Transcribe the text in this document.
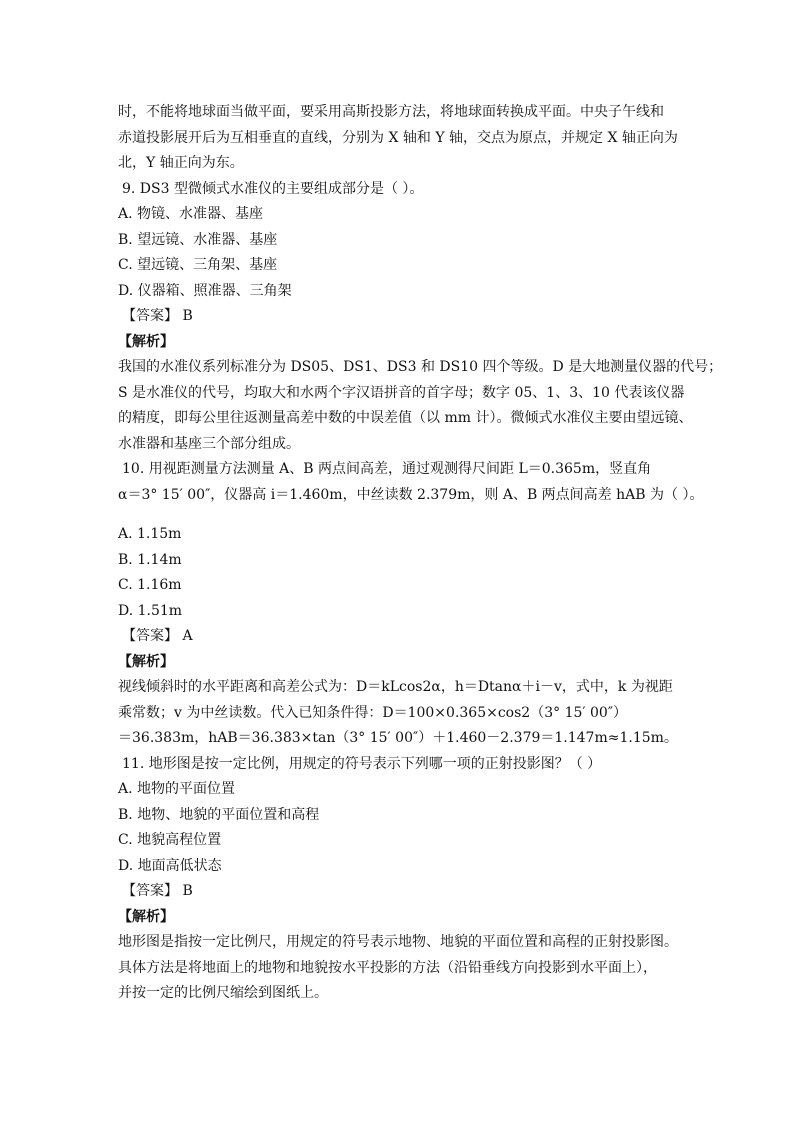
时，不能将地球面当做平面，要采用高斯投影方法，将地球面转换成平面。中央子午线和
赤道投影展开后为互相垂直的直线，分别为 X 轴和 Y 轴，交点为原点，并规定 X 轴正向为
北，Y 轴正向为东。
9. DS3 型微倾式水准仪的主要组成部分是（ ）。
A. 物镜、水准器、基座
B. 望远镜、水准器、基座
C. 望远镜、三角架、基座
D. 仪器箱、照准器、三角架
【答案】 B
【解析】
我国的水准仪系列标准分为 DS05、DS1、DS3 和 DS10 四个等级。D 是大地测量仪器的代号；
S 是水准仪的代号，均取大和水两个字汉语拼音的首字母；数字 05、1、3、10 代表该仪器
的精度，即每公里往返测量高差中数的中误差值（以 mm 计）。微倾式水准仪主要由望远镜、
水准器和基座三个部分组成。
10. 用视距测量方法测量 A、B 两点间高差，通过观测得尺间距 L＝0.365m，竖直角
α＝3° 15′ 00″，仪器高 i＝1.460m，中丝读数 2.379m，则 A、B 两点间高差 hAB 为（ ）。
A. 1.15m
B. 1.14m
C. 1.16m
D. 1.51m
【答案】 A
【解析】
视线倾斜时的水平距离和高差公式为：D＝kLcos2α，h＝Dtanα＋i－v，式中，k 为视距
乘常数；v 为中丝读数。代入已知条件得：D＝100×0.365×cos2（3° 15′ 00″）
＝36.383m，hAB＝36.383×tan（3° 15′ 00″）＋1.460－2.379＝1.147m≈1.15m。
11. 地形图是按一定比例，用规定的符号表示下列哪一项的正射投影图？（ ）
A. 地物的平面位置
B. 地物、地貌的平面位置和高程
C. 地貌高程位置
D. 地面高低状态
【答案】 B
【解析】
地形图是指按一定比例尺，用规定的符号表示地物、地貌的平面位置和高程的正射投影图。
具体方法是将地面上的地物和地貌按水平投影的方法（沿铅垂线方向投影到水平面上），
并按一定的比例尺缩绘到图纸上。
